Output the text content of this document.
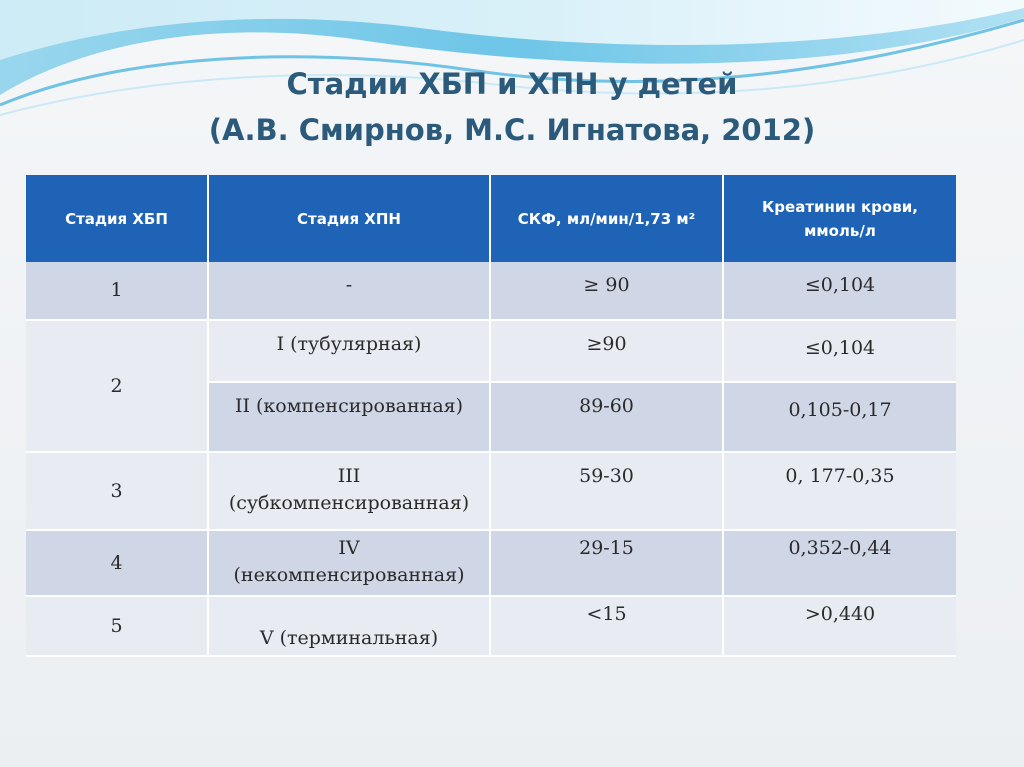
Стадии ХБП и ХПН у детей
(А.В. Смирнов, М.С. Игнатова, 2012)
Стадия ХБП	Стадия ХПН	СКФ, мл/мин/1,73 м²	Креатинин крови,
ммоль/л

1	-	≥ 90	≤0,104
2	I (тубулярная)	≥90	≤0,104
	II (компенсированная)	89-60	0,105-0,17
3	III
(субкомпенсированная)	59-30	0, 177-0,35
4	IV
(некомпенсированная)	29-15	0,352-0,44
5	V (терминальная)	<15	>0,440
